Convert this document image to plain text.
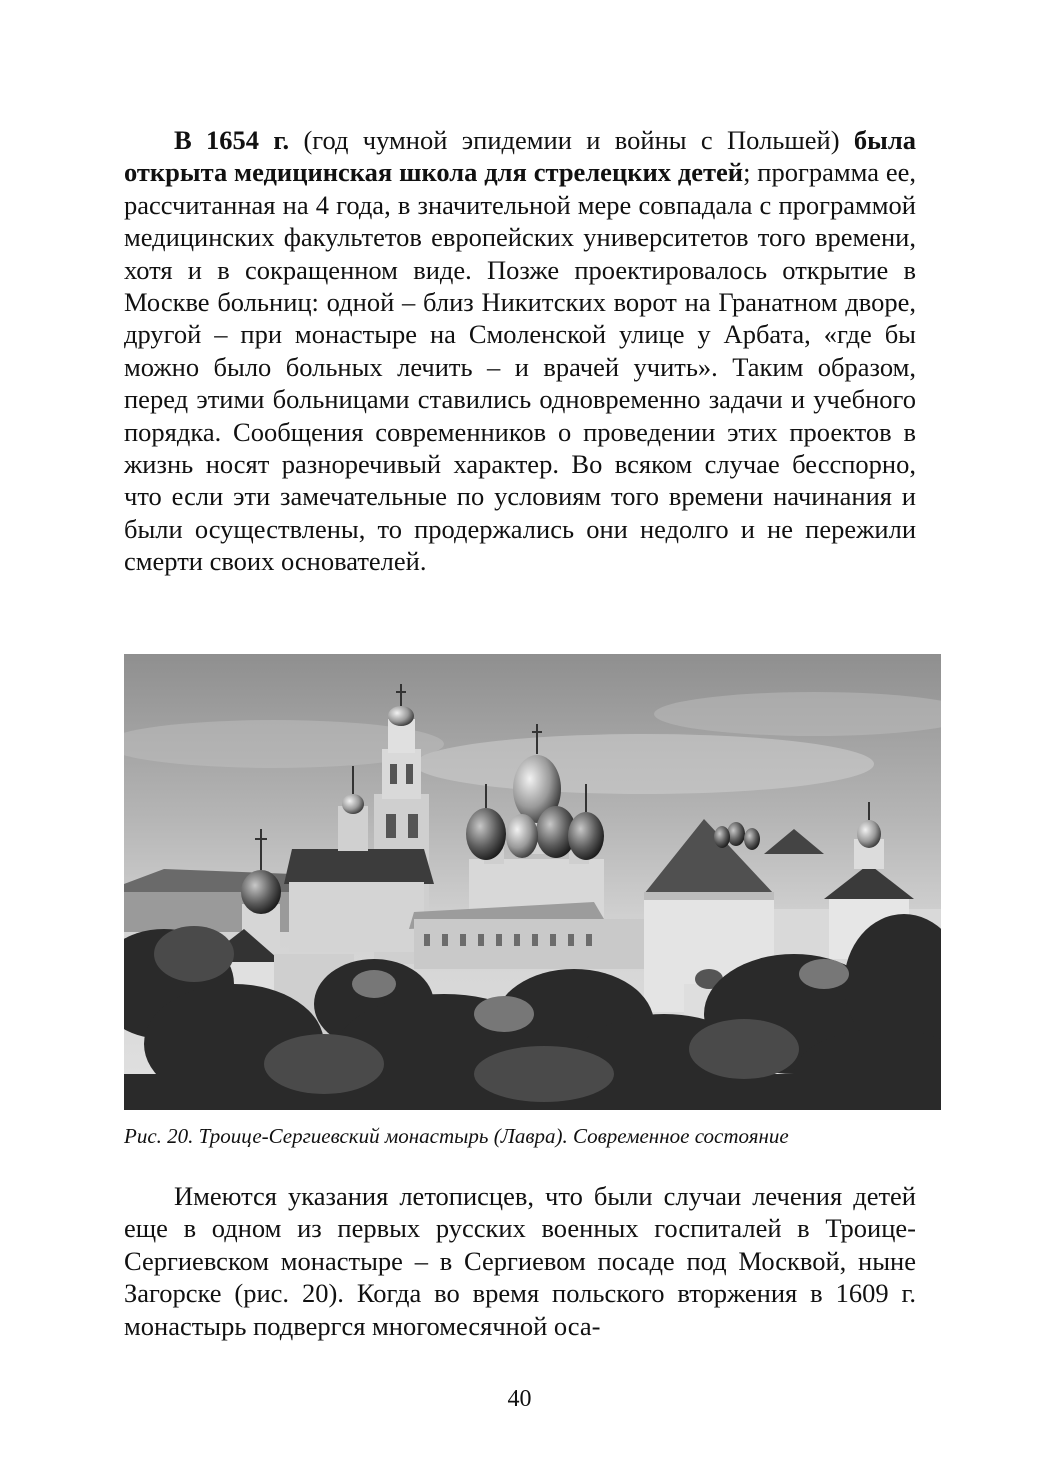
В 1654 г. (год чумной эпидемии и войны с Польшей) была открыта медицинская школа для стрелецких детей; программа ее, рассчитанная на 4 года, в значительной мере совпадала с программой медицинских факультетов европейских университетов того времени, хотя и в сокращенном виде. Позже проектировалось открытие в Москве больниц: одной – близ Никитских ворот на Гранатном дворе, другой – при монастыре на Смоленской улице у Арбата, «где бы можно было больных лечить – и врачей учить». Таким образом, перед этими больницами ставились одновременно задачи и учебного порядка. Сообщения современников о проведении этих проектов в жизнь носят разноречивый характер. Во всяком случае бесспорно, что если эти замечательные по условиям того времени начинания и были осуществлены, то продержались они недолго и не пережили смерти своих основателей.

Рис. 20. Троице-Сергиевский монастырь (Лавра). Современное состояние

Имеются указания летописцев, что были случаи лечения детей еще в одном из первых русских военных госпиталей в Троице-Сергиевском монастыре – в Сергиевом посаде под Москвой, ныне Загорске (рис. 20). Когда во время польского вторжения в 1609 г. монастырь подвергся многомесячной оса-

40
